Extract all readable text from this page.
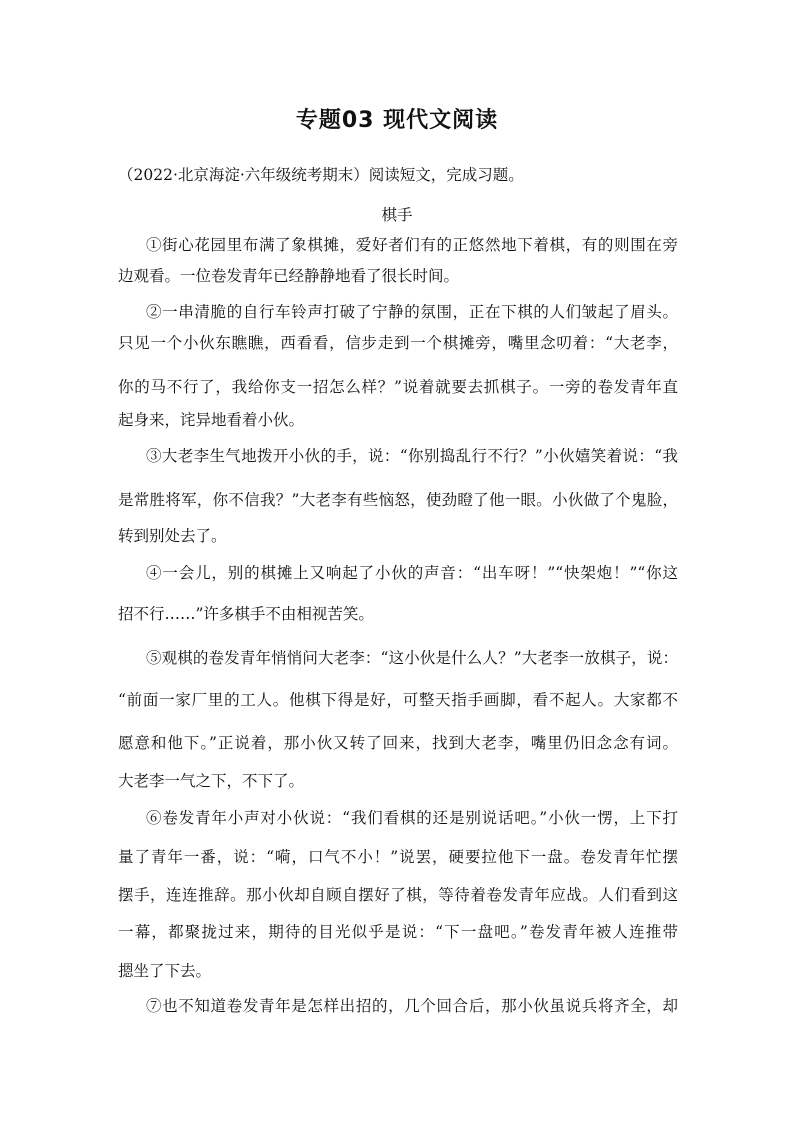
专题03 现代文阅读
（2022·北京海淀·六年级统考期末）阅读短文，完成习题。
棋手
①街心花园里布满了象棋摊，爱好者们有的正悠然地下着棋，有的则围在旁
边观看。一位卷发青年已经静静地看了很长时间。
②一串清脆的自行车铃声打破了宁静的氛围，正在下棋的人们皱起了眉头。
只见一个小伙东瞧瞧，西看看，信步走到一个棋摊旁，嘴里念叨着：“大老李，
你的马不行了，我给你支一招怎么样？”说着就要去抓棋子。一旁的卷发青年直
起身来，诧异地看着小伙。
③大老李生气地拨开小伙的手，说：“你别捣乱行不行？”小伙嬉笑着说：“我
是常胜将军，你不信我？”大老李有些恼怒，使劲瞪了他一眼。小伙做了个鬼脸，
转到别处去了。
④一会儿，别的棋摊上又响起了小伙的声音：“出车呀！”“快架炮！”“你这
招不行……”许多棋手不由相视苦笑。
⑤观棋的卷发青年悄悄问大老李：“这小伙是什么人？”大老李一放棋子，说：
“前面一家厂里的工人。他棋下得是好，可整天指手画脚，看不起人。大家都不
愿意和他下。”正说着，那小伙又转了回来，找到大老李，嘴里仍旧念念有词。
大老李一气之下，不下了。
⑥卷发青年小声对小伙说：“我们看棋的还是别说话吧。”小伙一愣，上下打
量了青年一番，说：“嗬，口气不小！”说罢，硬要拉他下一盘。卷发青年忙摆
摆手，连连推辞。那小伙却自顾自摆好了棋，等待着卷发青年应战。人们看到这
一幕，都聚拢过来，期待的目光似乎是说：“下一盘吧。”卷发青年被人连推带
摁坐了下去。
⑦也不知道卷发青年是怎样出招的，几个回合后，那小伙虽说兵将齐全，却
